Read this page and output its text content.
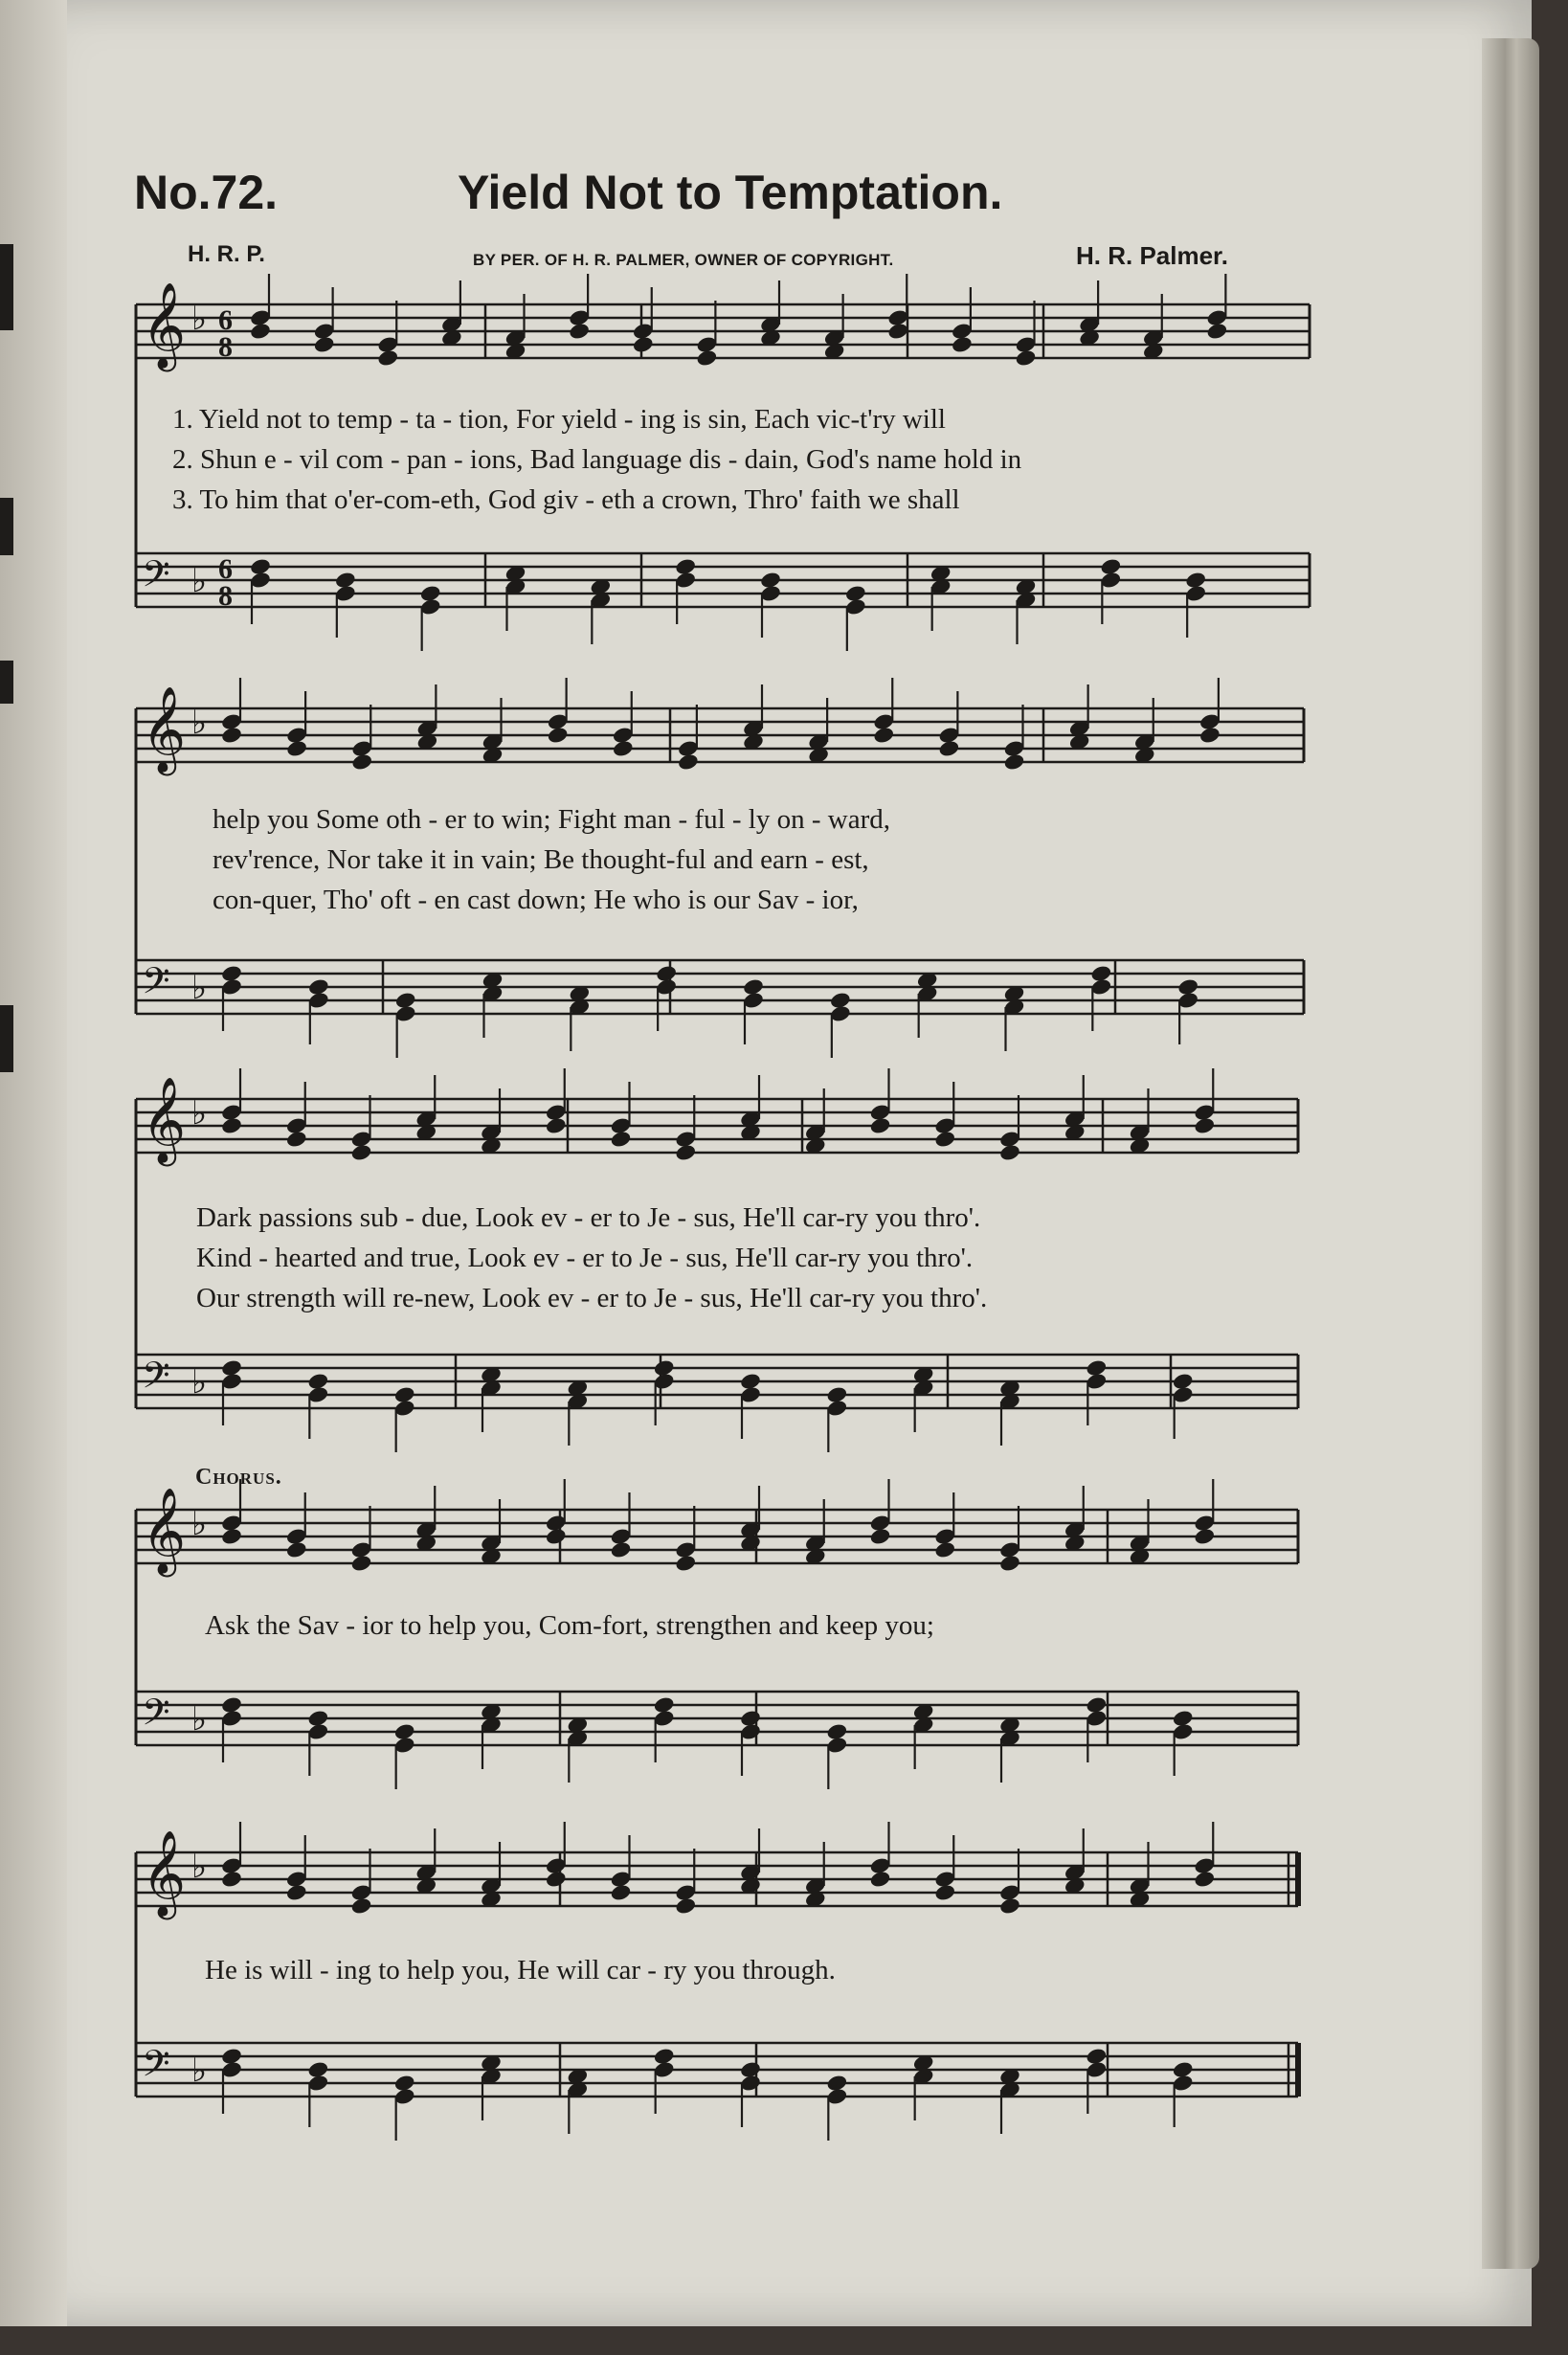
No.72.	Yield Not to Temptation.
H. R. P.	BY PER. OF H. R. PALMER, OWNER OF COPYRIGHT.	H. R. Palmer.
𝄞 ♭ 6
8
𝄢 ♭ 6
8
𝄞 ♭
𝄢 ♭
𝄞 ♭
𝄢 ♭
𝄞 ♭
𝄢 ♭
𝄞 ♭
𝄢 ♭
1. Yield not to temp - ta - tion, For yield - ing is sin, Each vic-t'ry will
2. Shun e - vil com - pan - ions, Bad language dis - dain, God's name hold in
3. To him that o'er-com-eth, God giv - eth a crown, Thro' faith we shall
help you Some oth - er to win; Fight man - ful - ly on - ward,
rev'rence, Nor take it in vain; Be thought-ful and earn - est,
con-quer, Tho' oft - en cast down; He who is our Sav - ior,
Dark passions sub - due, Look ev - er to Je - sus, He'll car-ry you thro'.
Kind - hearted and true, Look ev - er to Je - sus, He'll car-ry you thro'.
Our strength will re-new, Look ev - er to Je - sus, He'll car-ry you thro'.
Chorus.
Ask the Sav - ior to help you, Com-fort, strengthen and keep you;
He is will - ing to help you, He will car - ry you through.
